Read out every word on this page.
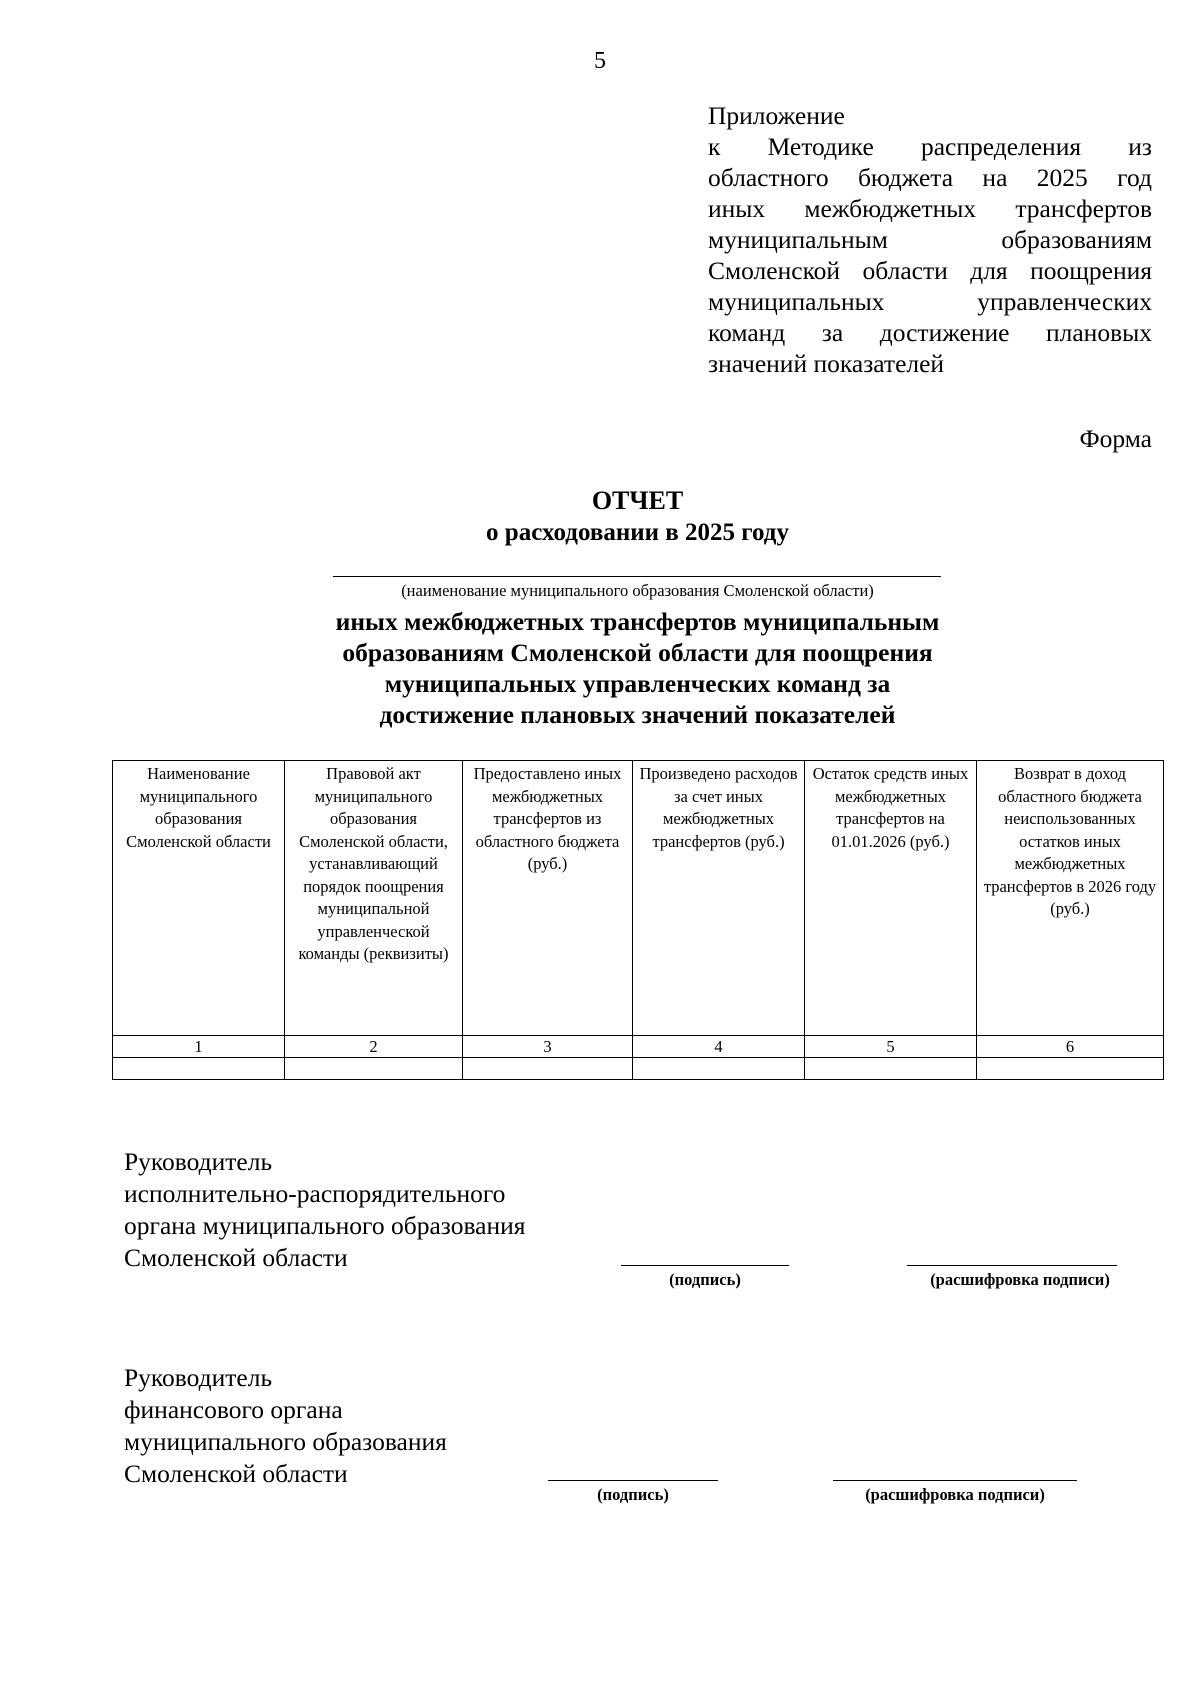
5
Приложение
к Методике распределения из
областного бюджета на 2025 год
иных межбюджетных трансфертов
муниципальным образованиям
Смоленской области для поощрения
муниципальных управленческих
команд за достижение плановых
значений показателей
Форма
ОТЧЕТ
о расходовании в 2025 году
(наименование муниципального образования Смоленской области)
иных межбюджетных трансфертов муниципальным
образованиям Смоленской области для поощрения
муниципальных управленческих команд за
достижение плановых значений показателей
Наименование муниципального образования Смоленской области	Правовой акт муниципального образования Смоленской области, устанавливающий порядок поощрения муниципальной управленческой команды (реквизиты)	Предоставлено иных межбюджетных трансфертов из областного бюджета (руб.)	Произведено расходов за счет иных межбюджетных трансфертов (руб.)	Остаток средств иных межбюджетных трансфертов на 01.01.2026 (руб.)	Возврат в доход областного бюджета неиспользованных остатков иных межбюджетных трансфертов в 2026 году (руб.)
1	2	3	4	5	6

Руководитель
исполнительно-распорядительного
органа муниципального образования
Смоленской области
(подпись)	(расшифровка подписи)
Руководитель
финансового органа
муниципального образования
Смоленской области
(подпись)	(расшифровка подписи)
